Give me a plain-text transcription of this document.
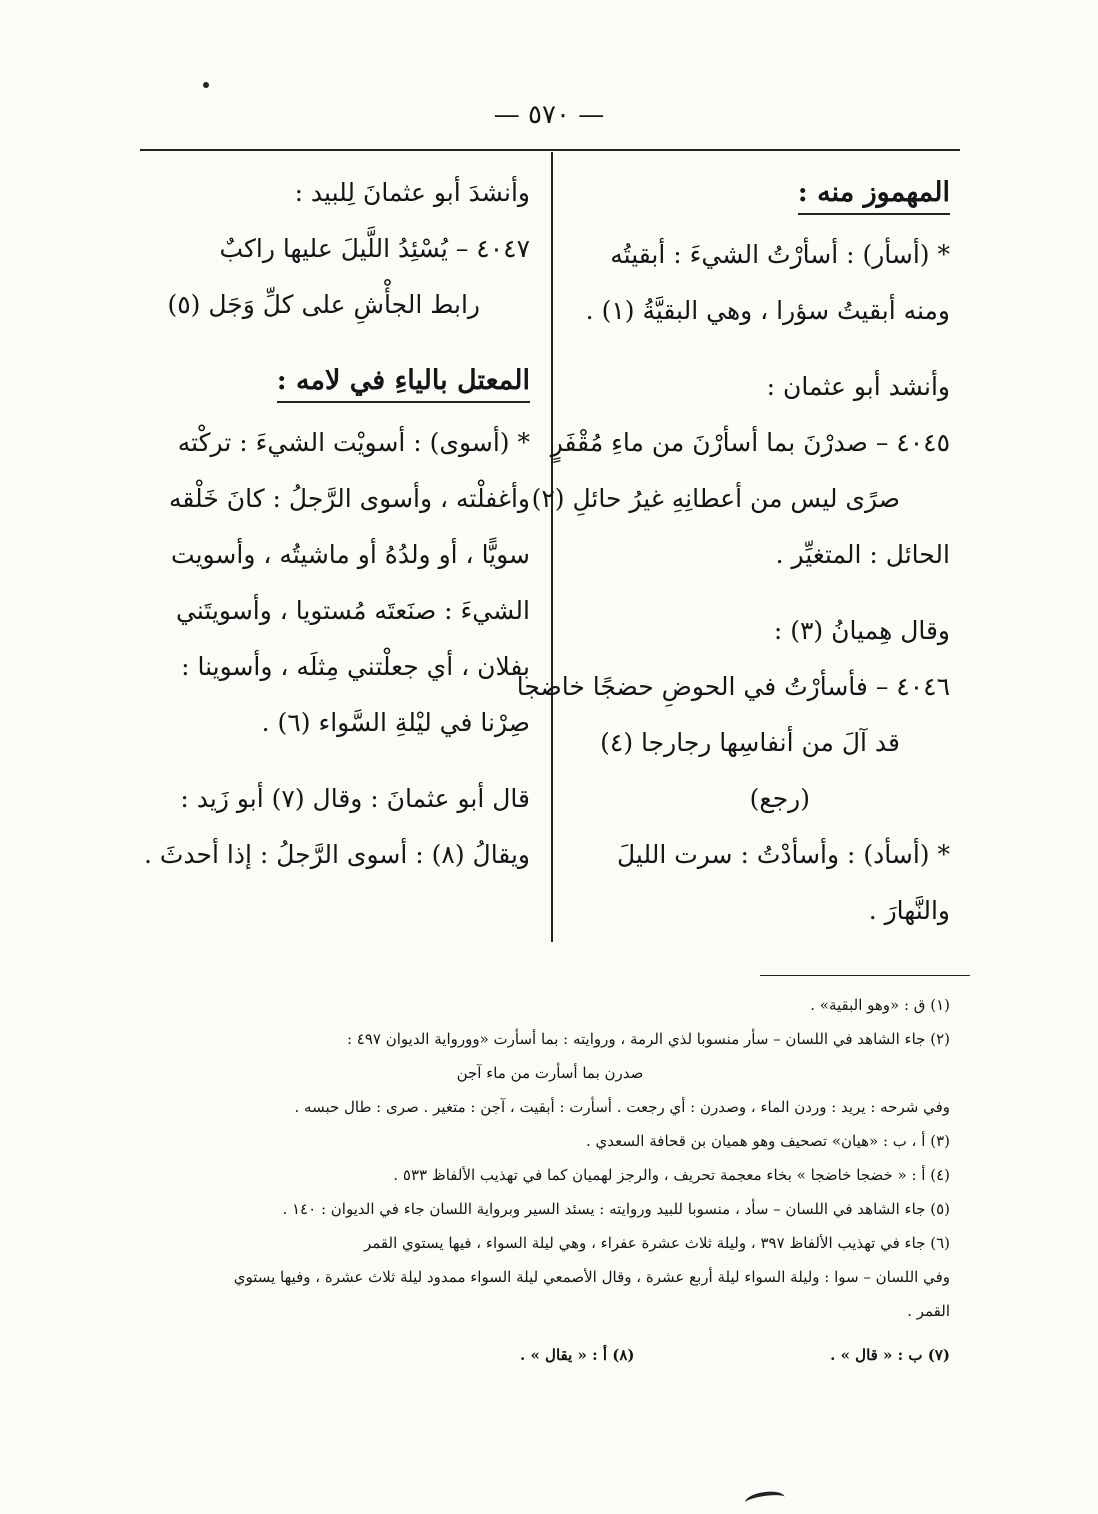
— ٥٧٠ —
المهموز منه :
* (أسأر) : أسأرْتُ الشيءَ : أبقيتُه
ومنه أبقيتُ سؤرا ، وهي البقيَّةُ (١) .
وأنشد أبو عثمان :
٤٠٤٥ – صدرْنَ بما أسأرْنَ من ماءِ مُقْفَرٍ
صرًى ليس من أعطانِهِ غيرُ حائلِ (٢)
الحائل : المتغيِّر .
وقال هِميانُ (٣) :
٤٠٤٦ – فأسأرْتُ في الحوضِ حضجًا خاضجا
قد آلَ من أنفاسِها رجارجا (٤)
(رجع)
* (أسأد) : وأسأدْتُ : سرت الليلَ
والنَّهارَ .
وأنشدَ أبو عثمانَ لِلبيد :
٤٠٤٧ – يُسْئِدُ اللَّيلَ عليها راكبٌ
رابط الجأْشِ على كلِّ وَجَل (٥)
المعتل بالياءِ في لامه :
* (أسوى) : أسويْت الشيءَ : تركْته
وأغفلْته ، وأسوى الرَّجلُ : كانَ خَلْقه
سويًّا ، أو ولدُهُ أو ماشيتُه ، وأسويت
الشيءَ : صنَعتَه مُستويا ، وأسويتَني
بفلان ، أي جعلْتني مِثلَه ، وأسوينا :
صِرْنا في ليْلةِ السَّواء (٦) .
قال أبو عثمانَ : وقال (٧) أبو زَيد :
ويقالُ (٨) : أسوى الرَّجلُ : إذا أحدثَ .
(١) ق : «وهو البقية» .
(٢) جاء الشاهد في اللسان – سأر منسوبا لذي الرمة ، وروايته : بما أسأرت «وورواية الديوان ٤٩٧ :
صدرن بما أسأرت من ماء آجن
وفي شرحه : يريد : وردن الماء ، وصدرن : أي رجعت . أسأرت : أبقيت ، آجن : متغير . صرى : طال حبسه .
(٣) أ ، ب : «هيان» تصحيف وهو هميان بن قحافة السعدي .
(٤) أ : « خضجا خاضجا » بخاء معجمة تحريف ، والرجز لهميان كما في تهذيب الألفاظ ٥٣٣ .
(٥) جاء الشاهد في اللسان – سأد ، منسوبا للبيد وروايته : يسئد السير وبرواية اللسان جاء في الديوان : ١٤٠ .
(٦) جاء في تهذيب الألفاظ ٣٩٧ ، وليلة ثلاث عشرة عفراء ، وهي ليلة السواء ، فيها يستوي القمر
وفي اللسان – سوا : وليلة السواء ليلة أربع عشرة ، وقال الأصمعي ليلة السواء ممدود ليلة ثلاث عشرة ، وفيها يستوي
القمر .
(٧) ب : « قال » .
(٨) أ : « يقال » .
